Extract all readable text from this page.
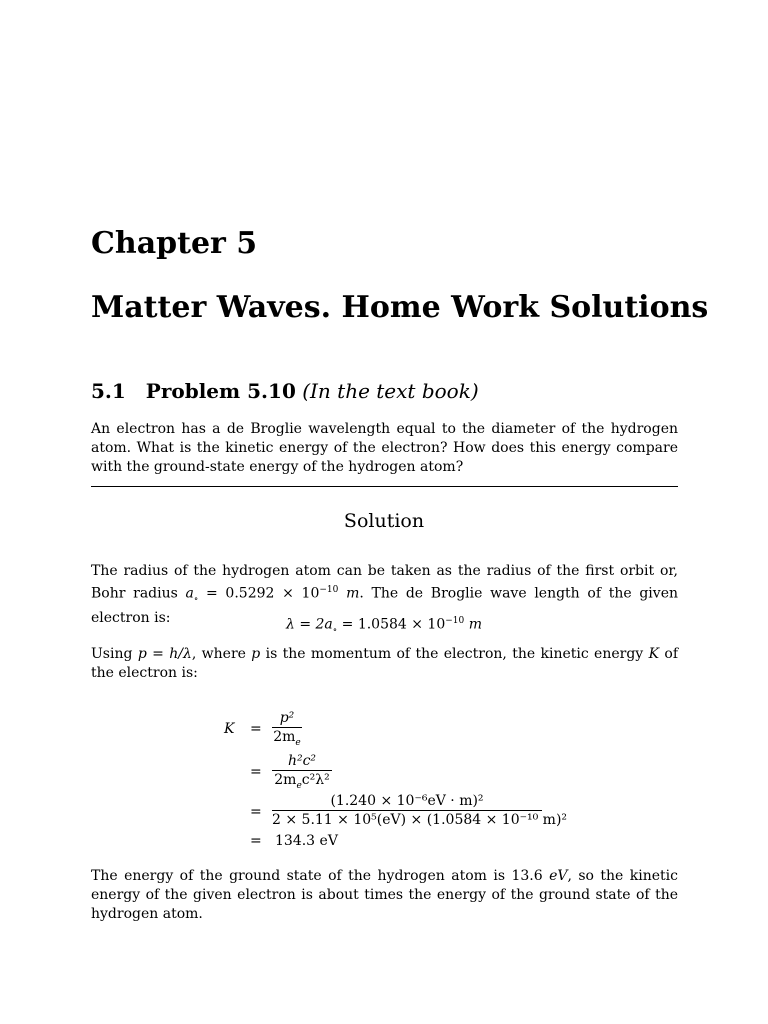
Chapter 5
Matter Waves. Home Work Solutions
5.1 Problem 5.10 (In the text book)
An electron has a de Broglie wavelength equal to the diameter of the hydrogen atom. What is the kinetic energy of the electron? How does this energy compare with the ground-state energy of the hydrogen atom?
Solution
The radius of the hydrogen atom can be taken as the radius of the first orbit or, Bohr radius $a_\circ = 0.5292 \times 10^{-10}$ m. The de Broglie wave length of the given electron is:	$\lambda = 2a_\circ = 1.0584 \times 10^{-10}$ m
Using p = h/λ, where p is the momentum of the electron, the kinetic energy K of the electron is:
K =
p²
$2m_e$
=
h²c²
$2m_ec^2\lambda^2$
=
(1.240 × 10⁻⁶eV · m)²
2 × 5.11 × 10⁵(eV) × (1.0584 × 10⁻¹⁰ m)²
= 134.3 eV
The energy of the ground state of the hydrogen atom is 13.6 eV, so the kinetic energy of the given electron is about times the energy of the ground state of the hydrogen atom.
